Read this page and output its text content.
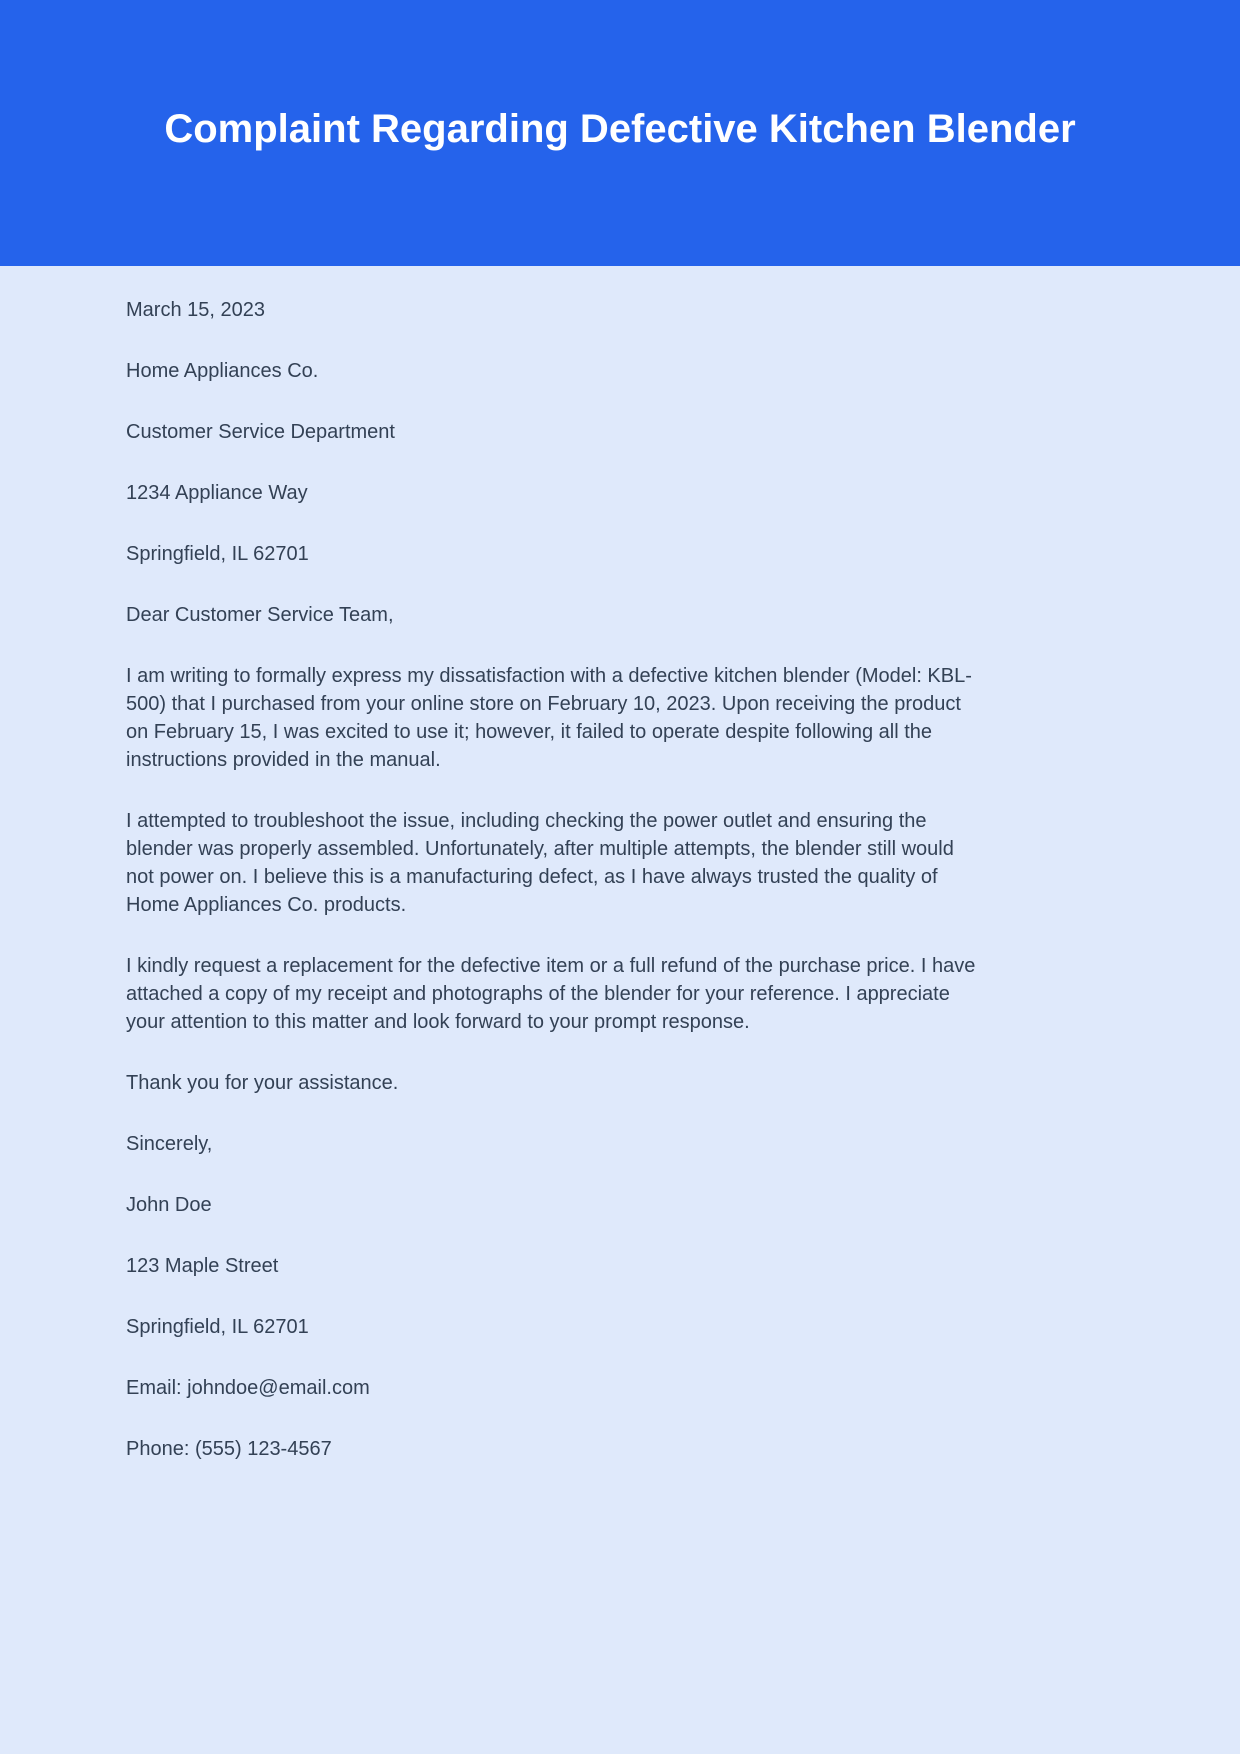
Complaint Regarding Defective Kitchen Blender

March 15, 2023

Home Appliances Co.

Customer Service Department

1234 Appliance Way

Springfield, IL 62701

Dear Customer Service Team,

I am writing to formally express my dissatisfaction with a defective kitchen blender (Model: KBL-500) that I purchased from your online store on February 10, 2023. Upon receiving the product on February 15, I was excited to use it; however, it failed to operate despite following all the instructions provided in the manual.

I attempted to troubleshoot the issue, including checking the power outlet and ensuring the blender was properly assembled. Unfortunately, after multiple attempts, the blender still would not power on. I believe this is a manufacturing defect, as I have always trusted the quality of Home Appliances Co. products.

I kindly request a replacement for the defective item or a full refund of the purchase price. I have attached a copy of my receipt and photographs of the blender for your reference. I appreciate your attention to this matter and look forward to your prompt response.

Thank you for your assistance.

Sincerely,

John Doe

123 Maple Street

Springfield, IL 62701

Email: johndoe@email.com

Phone: (555) 123-4567
